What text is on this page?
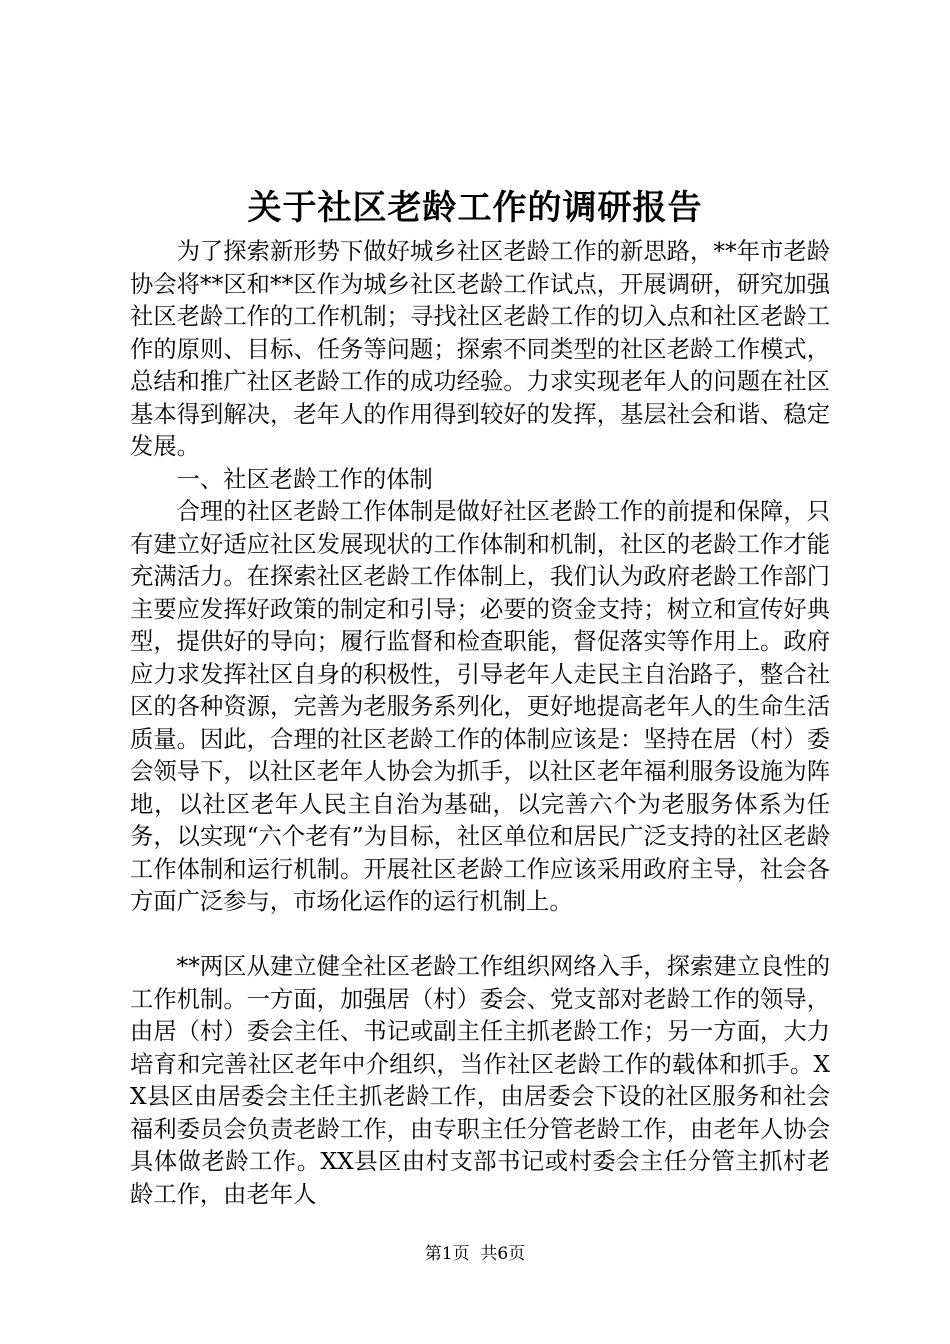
关于社区老龄工作的调研报告

为了探索新形势下做好城乡社区老龄工作的新思路，**年市老龄协会将**区和**区作为城乡社区老龄工作试点，开展调研，研究加强社区老龄工作的工作机制；寻找社区老龄工作的切入点和社区老龄工作的原则、目标、任务等问题；探索不同类型的社区老龄工作模式，总结和推广社区老龄工作的成功经验。力求实现老年人的问题在社区基本得到解决，老年人的作用得到较好的发挥，基层社会和谐、稳定发展。

一、社区老龄工作的体制

合理的社区老龄工作体制是做好社区老龄工作的前提和保障，只有建立好适应社区发展现状的工作体制和机制，社区的老龄工作才能充满活力。在探索社区老龄工作体制上，我们认为政府老龄工作部门主要应发挥好政策的制定和引导；必要的资金支持；树立和宣传好典型，提供好的导向；履行监督和检查职能，督促落实等作用上。政府应力求发挥社区自身的积极性，引导老年人走民主自治路子，整合社区的各种资源，完善为老服务系列化，更好地提高老年人的生命生活质量。因此，合理的社区老龄工作的体制应该是：坚持在居（村）委会领导下，以社区老年人协会为抓手，以社区老年福利服务设施为阵地，以社区老年人民主自治为基础，以完善六个为老服务体系为任务，以实现“六个老有”为目标，社区单位和居民广泛支持的社区老龄工作体制和运行机制。开展社区老龄工作应该采用政府主导，社会各方面广泛参与，市场化运作的运行机制上。

**两区从建立健全社区老龄工作组织网络入手，探索建立良性的工作机制。一方面，加强居（村）委会、党支部对老龄工作的领导，由居（村）委会主任、书记或副主任主抓老龄工作；另一方面，大力培育和完善社区老年中介组织，当作社区老龄工作的载体和抓手。XX县区由居委会主任主抓老龄工作，由居委会下设的社区服务和社会福利委员会负责老龄工作，由专职主任分管老龄工作，由老年人协会具体做老龄工作。XX县区由村支部书记或村委会主任分管主抓村老龄工作，由老年人

第1页  共6页
